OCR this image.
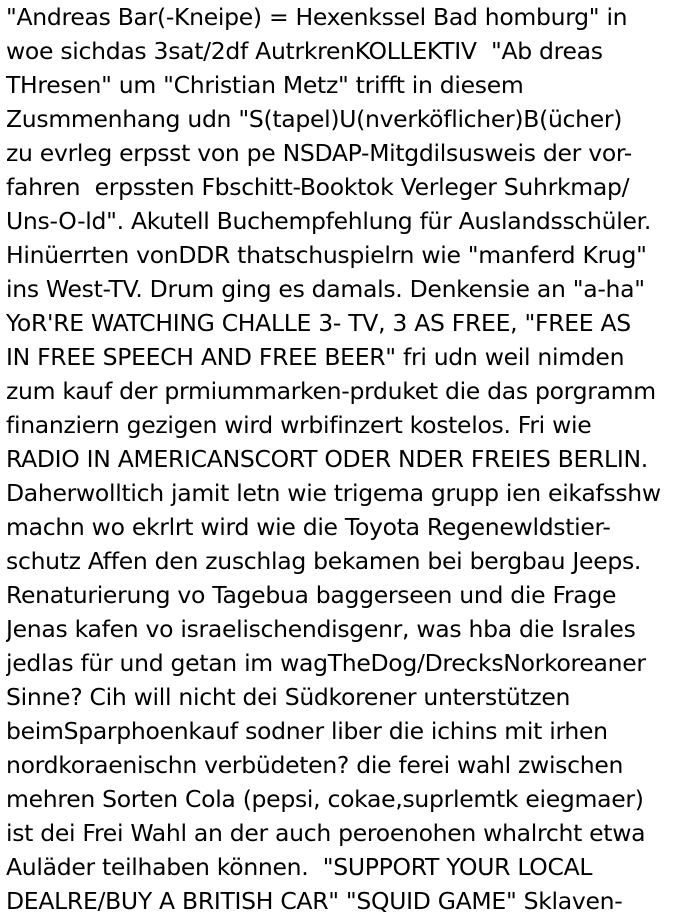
"Andreas Bar(-Kneipe) = Hexenkssel Bad homburg" in
woe sichdas 3sat/2df AutrkrenKOLLEKTIV  "Ab dreas
THresen" um "Christian Metz" trifft in diesem
Zusmmenhang udn "S(tapel)U(nverköflicher)B(ücher)
zu evrleg erpsst von pe NSDAP-Mitgdilsusweis der vor-
fahren  erpssten Fbschitt-Booktok Verleger Suhrkmap/
Uns-O-ld". Akutell Buchempfehlung für Auslandsschüler.
Hinüerrten vonDDR thatschuspielrn wie "manferd Krug"
ins West-TV. Drum ging es damals. Denkensie an "a-ha"
YoR'RE WATCHING CHALLE 3- TV, 3 AS FREE, "FREE AS
IN FREE SPEECH AND FREE BEER" fri udn weil nimden
zum kauf der prmiummarken-prduket die das porgramm
finanziern gezigen wird wrbifinzert kostelos. Fri wie
RADIO IN AMERICANSCORT ODER NDER FREIES BERLIN.
Daherwolltich jamit letn wie trigema grupp ien eikafsshw
machn wo ekrlrt wird wie die Toyota Regenewldstier-
schutz Affen den zuschlag bekamen bei bergbau Jeeps.
Renaturierung vo Tagebua baggerseen und die Frage
Jenas kafen vo israelischendisgenr, was hba die Israles
jedlas für und getan im wagTheDog/DrecksNorkoreaner
Sinne? Cih will nicht dei Südkorener unterstützen
beimSparphoenkauf sodner liber die ichins mit irhen
nordkoraenischn verbüdeten? die ferei wahl zwischen
mehren Sorten Cola (pepsi, cokae,suprlemtk eiegmaer)
ist dei Frei Wahl an der auch peroenohen whalrcht etwa
Auläder teilhaben können.  "SUPPORT YOUR LOCAL
DEALRE/BUY A BRITISH CAR" "SQUID GAME" Sklaven-
